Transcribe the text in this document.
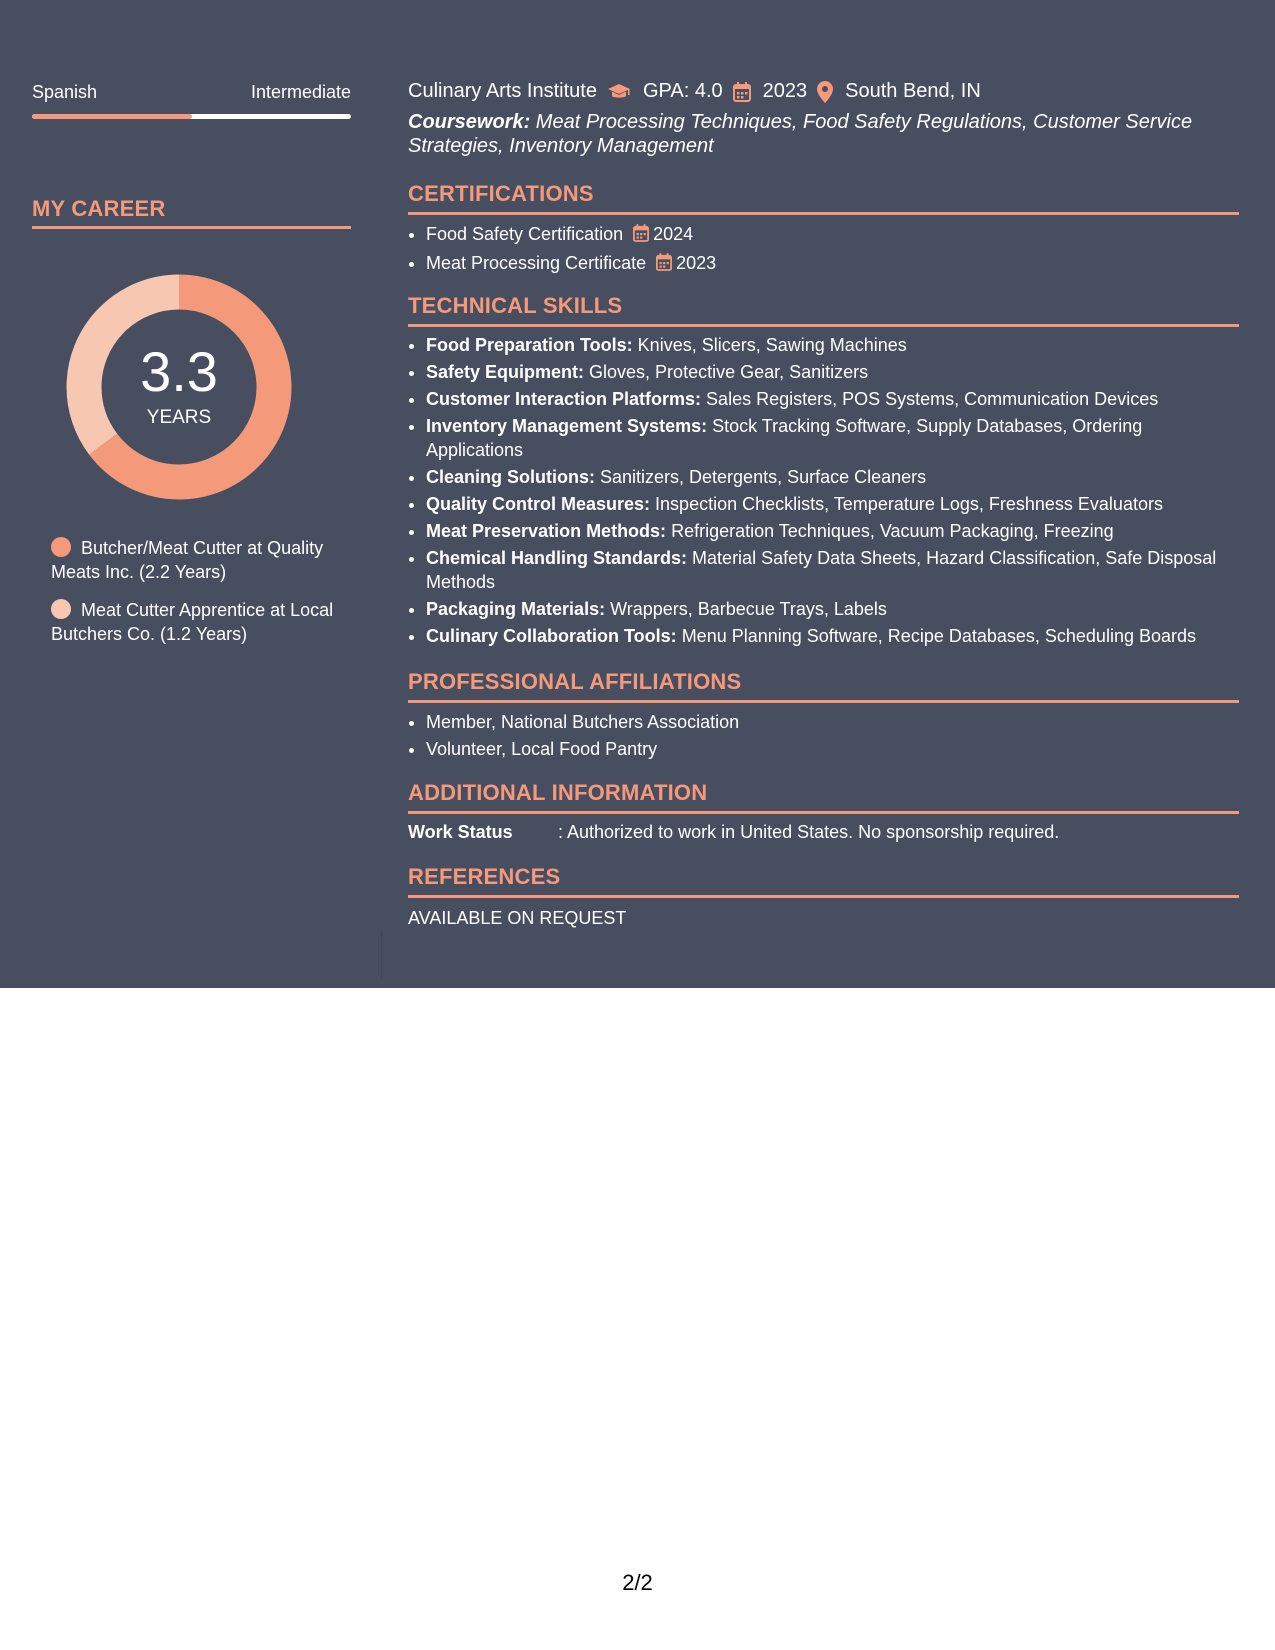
Spanish	Intermediate
MY CAREER
3.3
YEARS
Butcher/Meat Cutter at Quality Meats Inc. (2.2 Years)
Meat Cutter Apprentice at Local Butchers Co. (1.2 Years)
Culinary Arts Institute GPA: 4.0 2023 South Bend, IN
Coursework: Meat Processing Techniques, Food Safety Regulations, Customer Service Strategies, Inventory Management
CERTIFICATIONS
• Food Safety Certification 2024
• Meat Processing Certificate 2023
TECHNICAL SKILLS
• Food Preparation Tools: Knives, Slicers, Sawing Machines
• Safety Equipment: Gloves, Protective Gear, Sanitizers
• Customer Interaction Platforms: Sales Registers, POS Systems, Communication Devices
• Inventory Management Systems: Stock Tracking Software, Supply Databases, Ordering Applications
• Cleaning Solutions: Sanitizers, Detergents, Surface Cleaners
• Quality Control Measures: Inspection Checklists, Temperature Logs, Freshness Evaluators
• Meat Preservation Methods: Refrigeration Techniques, Vacuum Packaging, Freezing
• Chemical Handling Standards: Material Safety Data Sheets, Hazard Classification, Safe Disposal Methods
• Packaging Materials: Wrappers, Barbecue Trays, Labels
• Culinary Collaboration Tools: Menu Planning Software, Recipe Databases, Scheduling Boards
PROFESSIONAL AFFILIATIONS
• Member, National Butchers Association
• Volunteer, Local Food Pantry
ADDITIONAL INFORMATION
Work Status	: Authorized to work in United States. No sponsorship required.
REFERENCES
AVAILABLE ON REQUEST
2/2
